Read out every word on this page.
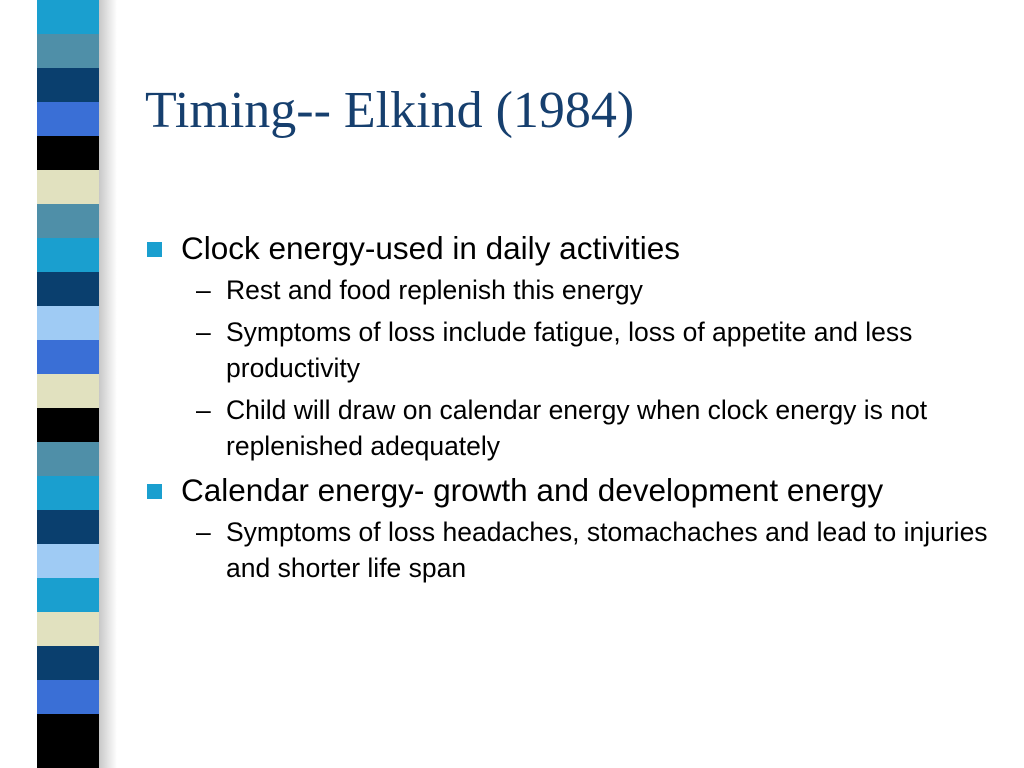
Timing-- Elkind (1984)
Clock energy-used in daily activities
– Rest and food replenish this energy
– Symptoms of loss include fatigue, loss of appetite and less productivity
– Child will draw on calendar energy when clock energy is not replenished adequately
Calendar energy- growth and development energy
– Symptoms of loss headaches, stomachaches and lead to injuries and shorter life span
